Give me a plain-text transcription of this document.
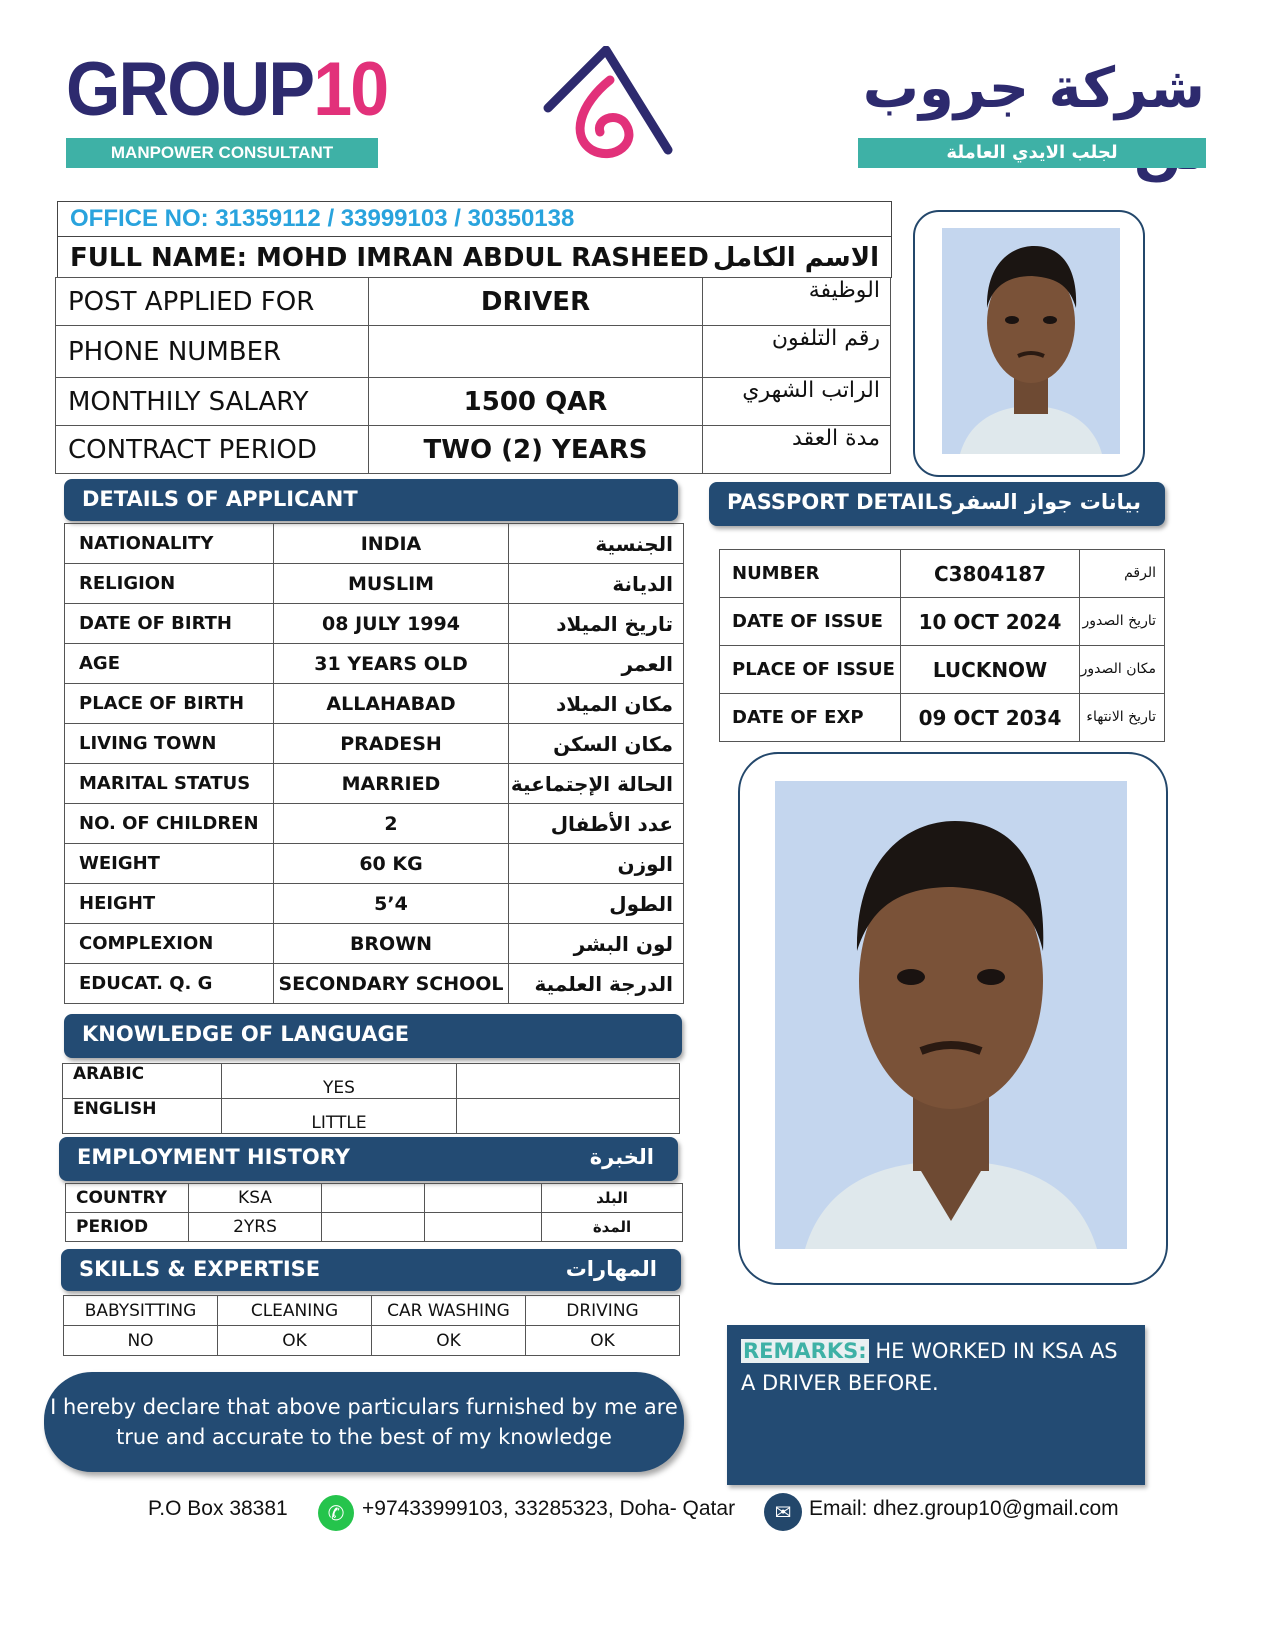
GROUP10
MANPOWER CONSULTANT
شركة جروب
لجلب الايدي العاملة
OFFICE NO: 31359112 / 33999103 / 30350138
FULL NAME: MOHD IMRAN ABDUL RASHEED الاسم الكامل
POST APPLIED FOR	DRIVER	الوظيفة
PHONE NUMBER		رقم التلفون
MONTHILY SALARY	1500 QAR	الراتب الشهري
CONTRACT PERIOD	TWO (2) YEARS	مدة العقد
DETAILS OF APPLICANT
NATIONALITY	INDIA	الجنسية
RELIGION	MUSLIM	الديانة
DATE OF BIRTH	08 JULY 1994	تاريخ الميلاد
AGE	31 YEARS OLD	العمر
PLACE OF BIRTH	ALLAHABAD	مكان الميلاد
LIVING TOWN	PRADESH	مكان السكن
MARITAL STATUS	MARRIED	الحالة الإجتماعية
NO. OF CHILDREN	2	عدد الأطفال
WEIGHT	60 KG	الوزن
HEIGHT	5’4	الطول
COMPLEXION	BROWN	لون البشر
EDUCAT. Q. G	SECONDARY SCHOOL	الدرجة العلمية
PASSPORT DETAILS بيانات جواز السفر
NUMBER	C3804187	الرقم
DATE OF ISSUE	10 OCT 2024	تاريخ الصدور
PLACE OF ISSUE	LUCKNOW	مكان الصدور
DATE OF EXP	09 OCT 2034	تاريخ الانتهاء
KNOWLEDGE OF LANGUAGE
ARABIC	YES	
ENGLISH	LITTLE	
EMPLOYMENT HISTORY	الخبرة
COUNTRY	KSA			البلد
PERIOD	2YRS			المدة
SKILLS & EXPERTISE	المهارات
BABYSITTING	CLEANING	CAR WASHING	DRIVING
NO	OK	OK	OK
I hereby declare that above particulars furnished by me are true and accurate to the best of my knowledge
REMARKS: HE WORKED IN KSA AS A DRIVER BEFORE.
P.O Box 38381	✆ +97433999103, 33285323, Doha- Qatar	✉ Email: dhez.group10@gmail.com
